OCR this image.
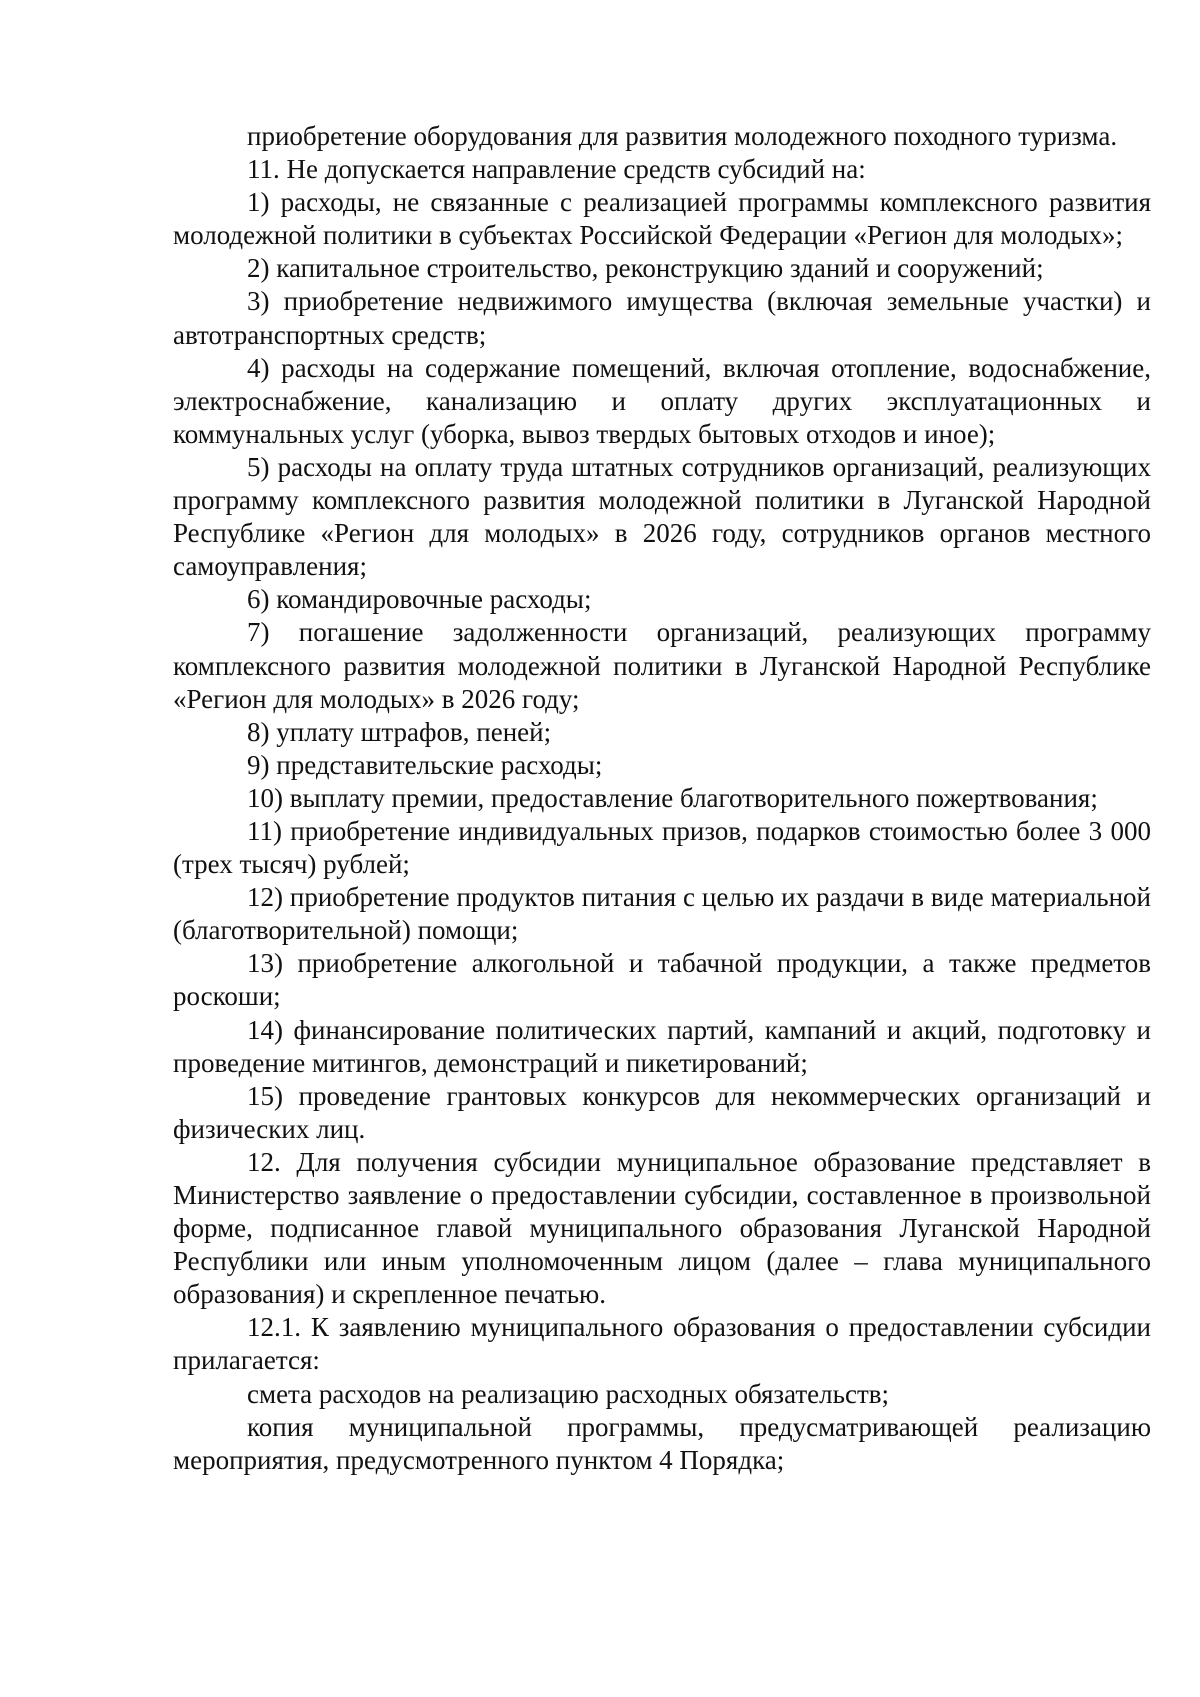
приобретение оборудования для развития молодежного походного туризма.

11. Не допускается направление средств субсидий на:

1) расходы, не связанные с реализацией программы комплексного развития молодежной политики в субъектах Российской Федерации «Регион для молодых»;

2) капитальное строительство, реконструкцию зданий и сооружений;

3) приобретение недвижимого имущества (включая земельные участки) и автотранспортных средств;

4) расходы на содержание помещений, включая отопление, водоснабжение, электроснабжение, канализацию и оплату других эксплуатационных и коммунальных услуг (уборка, вывоз твердых бытовых отходов и иное);

5) расходы на оплату труда штатных сотрудников организаций, реализующих программу комплексного развития молодежной политики в Луганской Народной Республике «Регион для молодых» в 2026 году, сотрудников органов местного самоуправления;

6) командировочные расходы;

7) погашение задолженности организаций, реализующих программу комплексного развития молодежной политики в Луганской Народной Республике «Регион для молодых» в 2026 году;

8) уплату штрафов, пеней;

9) представительские расходы;

10) выплату премии, предоставление благотворительного пожертвования;

11) приобретение индивидуальных призов, подарков стоимостью более 3 000 (трех тысяч) рублей;

12) приобретение продуктов питания с целью их раздачи в виде материальной (благотворительной) помощи;

13) приобретение алкогольной и табачной продукции, а также предметов роскоши;

14) финансирование политических партий, кампаний и акций, подготовку и проведение митингов, демонстраций и пикетирований;

15) проведение грантовых конкурсов для некоммерческих организаций и физических лиц.

12. Для получения субсидии муниципальное образование представляет в Министерство заявление о предоставлении субсидии, составленное в произвольной форме, подписанное главой муниципального образования Луганской Народной Республики или иным уполномоченным лицом (далее – глава муниципального образования) и скрепленное печатью.

12.1. К заявлению муниципального образования о предоставлении субсидии прилагается:

смета расходов на реализацию расходных обязательств;

копия муниципальной программы, предусматривающей реализацию мероприятия, предусмотренного пунктом 4 Порядка;
